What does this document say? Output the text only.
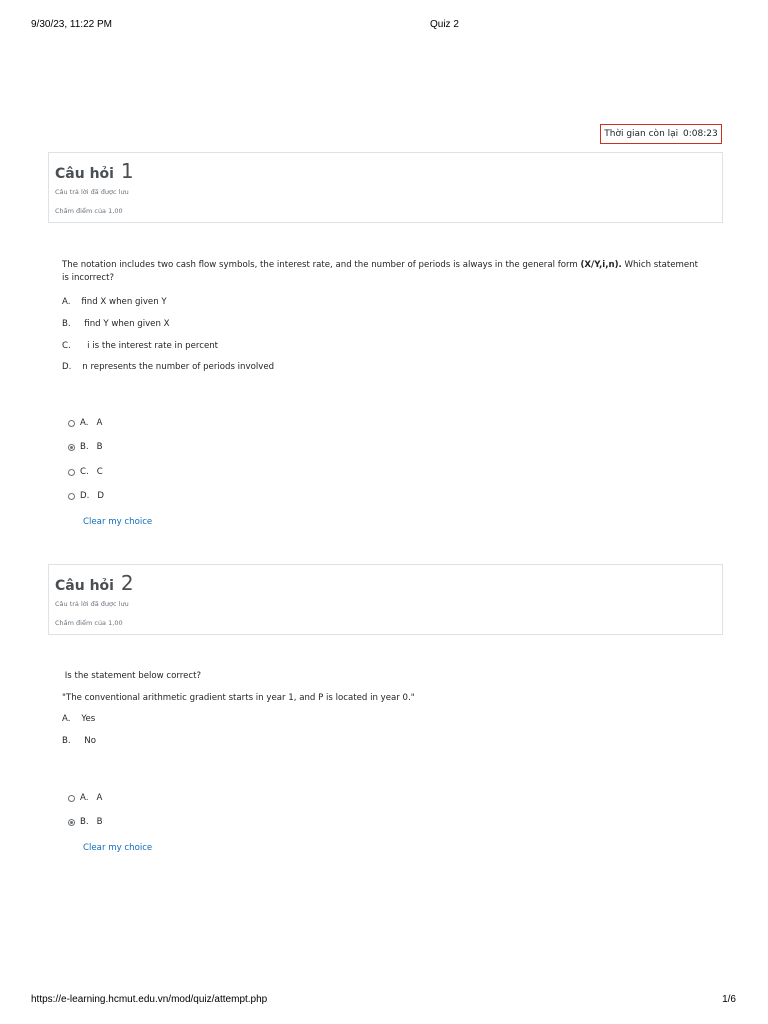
9/30/23, 11:22 PM	Quiz 2
Thời gian còn lại 0:08:23
Câu hỏi 1
Câu trả lời đã được lưu
Chấm điểm của 1,00

The notation includes two cash flow symbols, the interest rate, and the number of periods is always in the general form (X/Y,i,n). Which statement is incorrect?

A.    find X when given Y
B.     find Y when given X
C.      i is the interest rate in percent
D.    n represents the number of periods involved
A. A
B. B
C. C
D. D
Clear my choice
Câu hỏi 2
Câu trả lời đã được lưu
Chấm điểm của 1,00
Is the statement below correct?
"The conventional arithmetic gradient starts in year 1, and P is located in year 0."
A.    Yes
B.     No
A. A
B. B
Clear my choice
https://e-learning.hcmut.edu.vn/mod/quiz/attempt.php	1/6
